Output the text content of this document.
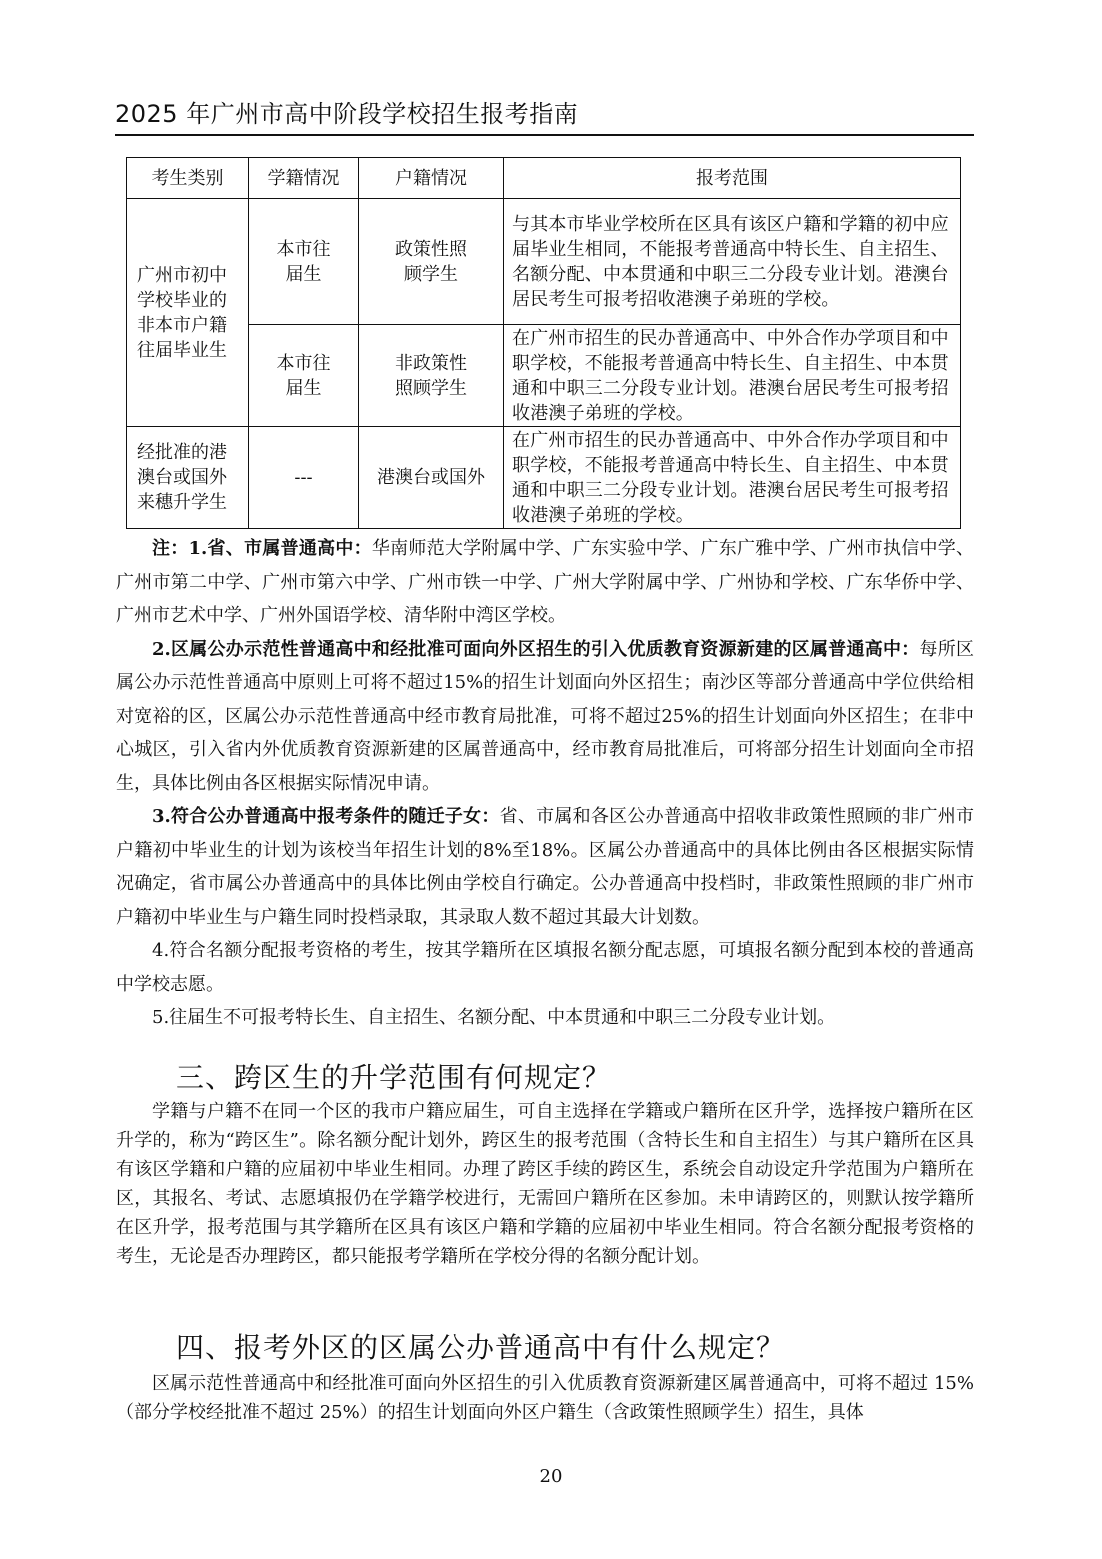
2025 年广州市高中阶段学校招生报考指南
考生类别	学籍情况	户籍情况	报考范围

广州市初中学校毕业的非本市户籍往届毕业生	本市往届生	政策性照顾学生	与其本市毕业学校所在区具有该区户籍和学籍的初中应届毕业生相同，不能报考普通高中特长生、自主招生、名额分配、中本贯通和中职三二分段专业计划。港澳台居民考生可报考招收港澳子弟班的学校。

	本市往届生	非政策性照顾学生	在广州市招生的民办普通高中、中外合作办学项目和中职学校，不能报考普通高中特长生、自主招生、中本贯通和中职三二分段专业计划。港澳台居民考生可报考招收港澳子弟班的学校。

经批准的港澳台或国外来穗升学生	---	港澳台或国外	在广州市招生的民办普通高中、中外合作办学项目和中职学校，不能报考普通高中特长生、自主招生、中本贯通和中职三二分段专业计划。港澳台居民考生可报考招收港澳子弟班的学校。

注：1.省、市属普通高中：华南师范大学附属中学、广东实验中学、广东广雅中学、广州市执信中学、广州市第二中学、广州市第六中学、广州市铁一中学、广州大学附属中学、广州协和学校、广东华侨中学、广州市艺术中学、广州外国语学校、清华附中湾区学校。

2.区属公办示范性普通高中和经批准可面向外区招生的引入优质教育资源新建的区属普通高中：每所区属公办示范性普通高中原则上可将不超过15%的招生计划面向外区招生；南沙区等部分普通高中学位供给相对宽裕的区，区属公办示范性普通高中经市教育局批准，可将不超过25%的招生计划面向外区招生；在非中心城区，引入省内外优质教育资源新建的区属普通高中，经市教育局批准后，可将部分招生计划面向全市招生，具体比例由各区根据实际情况申请。

3.符合公办普通高中报考条件的随迁子女：省、市属和各区公办普通高中招收非政策性照顾的非广州市户籍初中毕业生的计划为该校当年招生计划的8%至18%。区属公办普通高中的具体比例由各区根据实际情况确定，省市属公办普通高中的具体比例由学校自行确定。公办普通高中投档时，非政策性照顾的非广州市户籍初中毕业生与户籍生同时投档录取，其录取人数不超过其最大计划数。

4.符合名额分配报考资格的考生，按其学籍所在区填报名额分配志愿，可填报名额分配到本校的普通高中学校志愿。

5.往届生不可报考特长生、自主招生、名额分配、中本贯通和中职三二分段专业计划。

三、跨区生的升学范围有何规定？

学籍与户籍不在同一个区的我市户籍应届生，可自主选择在学籍或户籍所在区升学，选择按户籍所在区升学的，称为“跨区生”。除名额分配计划外，跨区生的报考范围（含特长生和自主招生）与其户籍所在区具有该区学籍和户籍的应届初中毕业生相同。办理了跨区手续的跨区生，系统会自动设定升学范围为户籍所在区，其报名、考试、志愿填报仍在学籍学校进行，无需回户籍所在区参加。未申请跨区的，则默认按学籍所在区升学，报考范围与其学籍所在区具有该区户籍和学籍的应届初中毕业生相同。符合名额分配报考资格的考生，无论是否办理跨区，都只能报考学籍所在学校分得的名额分配计划。

四、报考外区的区属公办普通高中有什么规定？

区属示范性普通高中和经批准可面向外区招生的引入优质教育资源新建区属普通高中，可将不超过 15%（部分学校经批准不超过 25%）的招生计划面向外区户籍生（含政策性照顾学生）招生，具体

20
